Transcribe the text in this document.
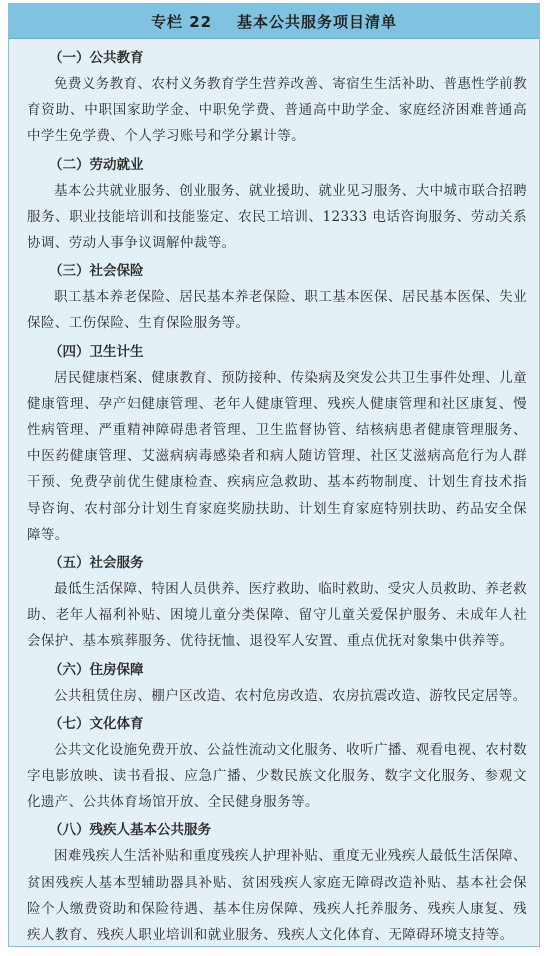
专栏 22    基本公共服务项目清单
（一）公共教育

免费义务教育、农村义务教育学生营养改善、寄宿生生活补助、普惠性学前教育资助、中职国家助学金、中职免学费、普通高中助学金、家庭经济困难普通高中学生免学费、个人学习账号和学分累计等。

（二）劳动就业

基本公共就业服务、创业服务、就业援助、就业见习服务、大中城市联合招聘服务、职业技能培训和技能鉴定、农民工培训、12333 电话咨询服务、劳动关系协调、劳动人事争议调解仲裁等。

（三）社会保险

职工基本养老保险、居民基本养老保险、职工基本医保、居民基本医保、失业保险、工伤保险、生育保险服务等。

（四）卫生计生

居民健康档案、健康教育、预防接种、传染病及突发公共卫生事件处理、儿童健康管理、孕产妇健康管理、老年人健康管理、残疾人健康管理和社区康复、慢性病管理、严重精神障碍患者管理、卫生监督协管、结核病患者健康管理服务、中医药健康管理、艾滋病病毒感染者和病人随访管理、社区艾滋病高危行为人群干预、免费孕前优生健康检查、疾病应急救助、基本药物制度、计划生育技术指导咨询、农村部分计划生育家庭奖励扶助、计划生育家庭特别扶助、药品安全保障等。

（五）社会服务

最低生活保障、特困人员供养、医疗救助、临时救助、受灾人员救助、养老救助、老年人福利补贴、困境儿童分类保障、留守儿童关爱保护服务、未成年人社会保护、基本殡葬服务、优待抚恤、退役军人安置、重点优抚对象集中供养等。

（六）住房保障

公共租赁住房、棚户区改造、农村危房改造、农房抗震改造、游牧民定居等。

（七）文化体育

公共文化设施免费开放、公益性流动文化服务、收听广播、观看电视、农村数字电影放映、读书看报、应急广播、少数民族文化服务、数字文化服务、参观文化遗产、公共体育场馆开放、全民健身服务等。

（八）残疾人基本公共服务

困难残疾人生活补贴和重度残疾人护理补贴、重度无业残疾人最低生活保障、贫困残疾人基本型辅助器具补贴、贫困残疾人家庭无障碍改造补贴、基本社会保险个人缴费资助和保险待遇、基本住房保障、残疾人托养服务、残疾人康复、残疾人教育、残疾人职业培训和就业服务、残疾人文化体育、无障碍环境支持等。
